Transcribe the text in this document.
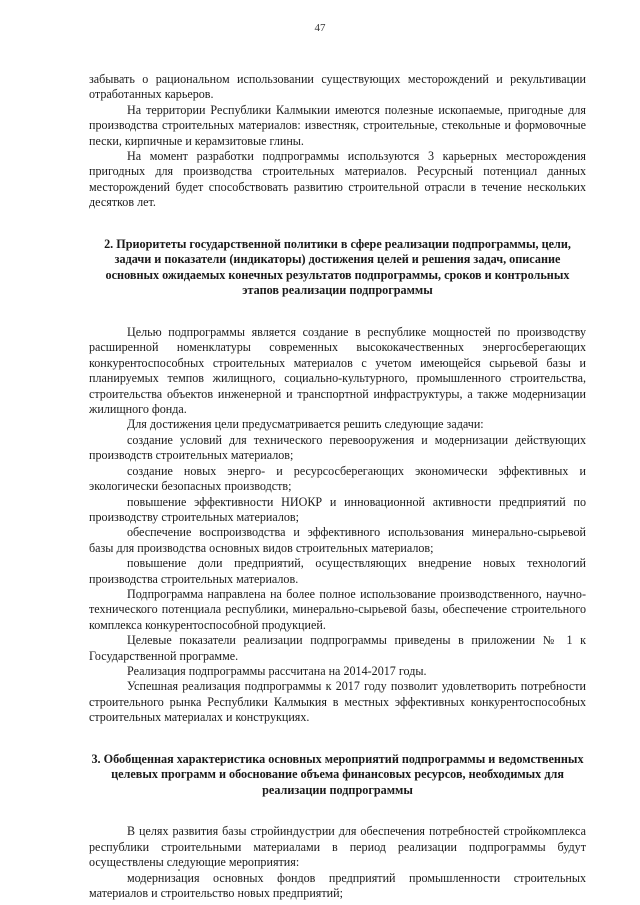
47

забывать о рациональном использовании существующих месторождений и рекультивации отработанных карьеров.

На территории Республики Калмыкии имеются полезные ископаемые, пригодные для производства строительных материалов: известняк, строительные, стекольные и формовочные пески, кирпичные и керамзитовые глины.

На момент разработки подпрограммы используются 3 карьерных месторождения пригодных для производства строительных материалов. Ресурсный потенциал данных месторождений будет способствовать развитию строительной отрасли в течение нескольких десятков лет.

2. Приоритеты государственной политики в сфере реализации подпрограммы, цели, задачи и показатели (индикаторы) достижения целей и решения задач, описание основных ожидаемых конечных результатов подпрограммы, сроков и контрольных этапов реализации подпрограммы

Целью подпрограммы является создание в республике мощностей по производству расширенной номенклатуры современных высококачественных энергосберегающих конкурентоспособных строительных материалов с учетом имеющейся сырьевой базы и планируемых темпов жилищного, социально-культурного, промышленного строительства, строительства объектов инженерной и транспортной инфраструктуры, а также модернизации жилищного фонда.

Для достижения цели предусматривается решить следующие задачи:

создание условий для технического перевооружения и модернизации действующих производств строительных материалов;

создание новых энерго- и ресурсосберегающих экономически эффективных и экологически безопасных производств;

повышение эффективности НИОКР и инновационной активности предприятий по производству строительных материалов;

обеспечение воспроизводства и эффективного использования минерально-сырьевой базы для производства основных видов строительных материалов;

повышение доли предприятий, осуществляющих внедрение новых технологий производства строительных материалов.

Подпрограмма направлена на более полное использование производственного, научно-технического потенциала республики, минерально-сырьевой базы, обеспечение строительного комплекса конкурентоспособной продукцией.

Целевые показатели реализации подпрограммы приведены в приложении № 1 к Государственной программе.

Реализация подпрограммы рассчитана на 2014-2017 годы.

Успешная реализация подпрограммы к 2017 году позволит удовлетворить потребности строительного рынка Республики Калмыкия в местных эффективных конкурентоспособных строительных материалах и конструкциях.

3. Обобщенная характеристика основных мероприятий подпрограммы и ведомственных целевых программ и обоснование объема финансовых ресурсов, необходимых для реализации подпрограммы

В целях развития базы стройиндустрии для обеспечения потребностей стройкомплекса республики строительными материалами в период реализации подпрограммы будут осуществлены следующие мероприятия:

модернизация основных фондов предприятий промышленности строительных материалов и строительство новых предприятий;
